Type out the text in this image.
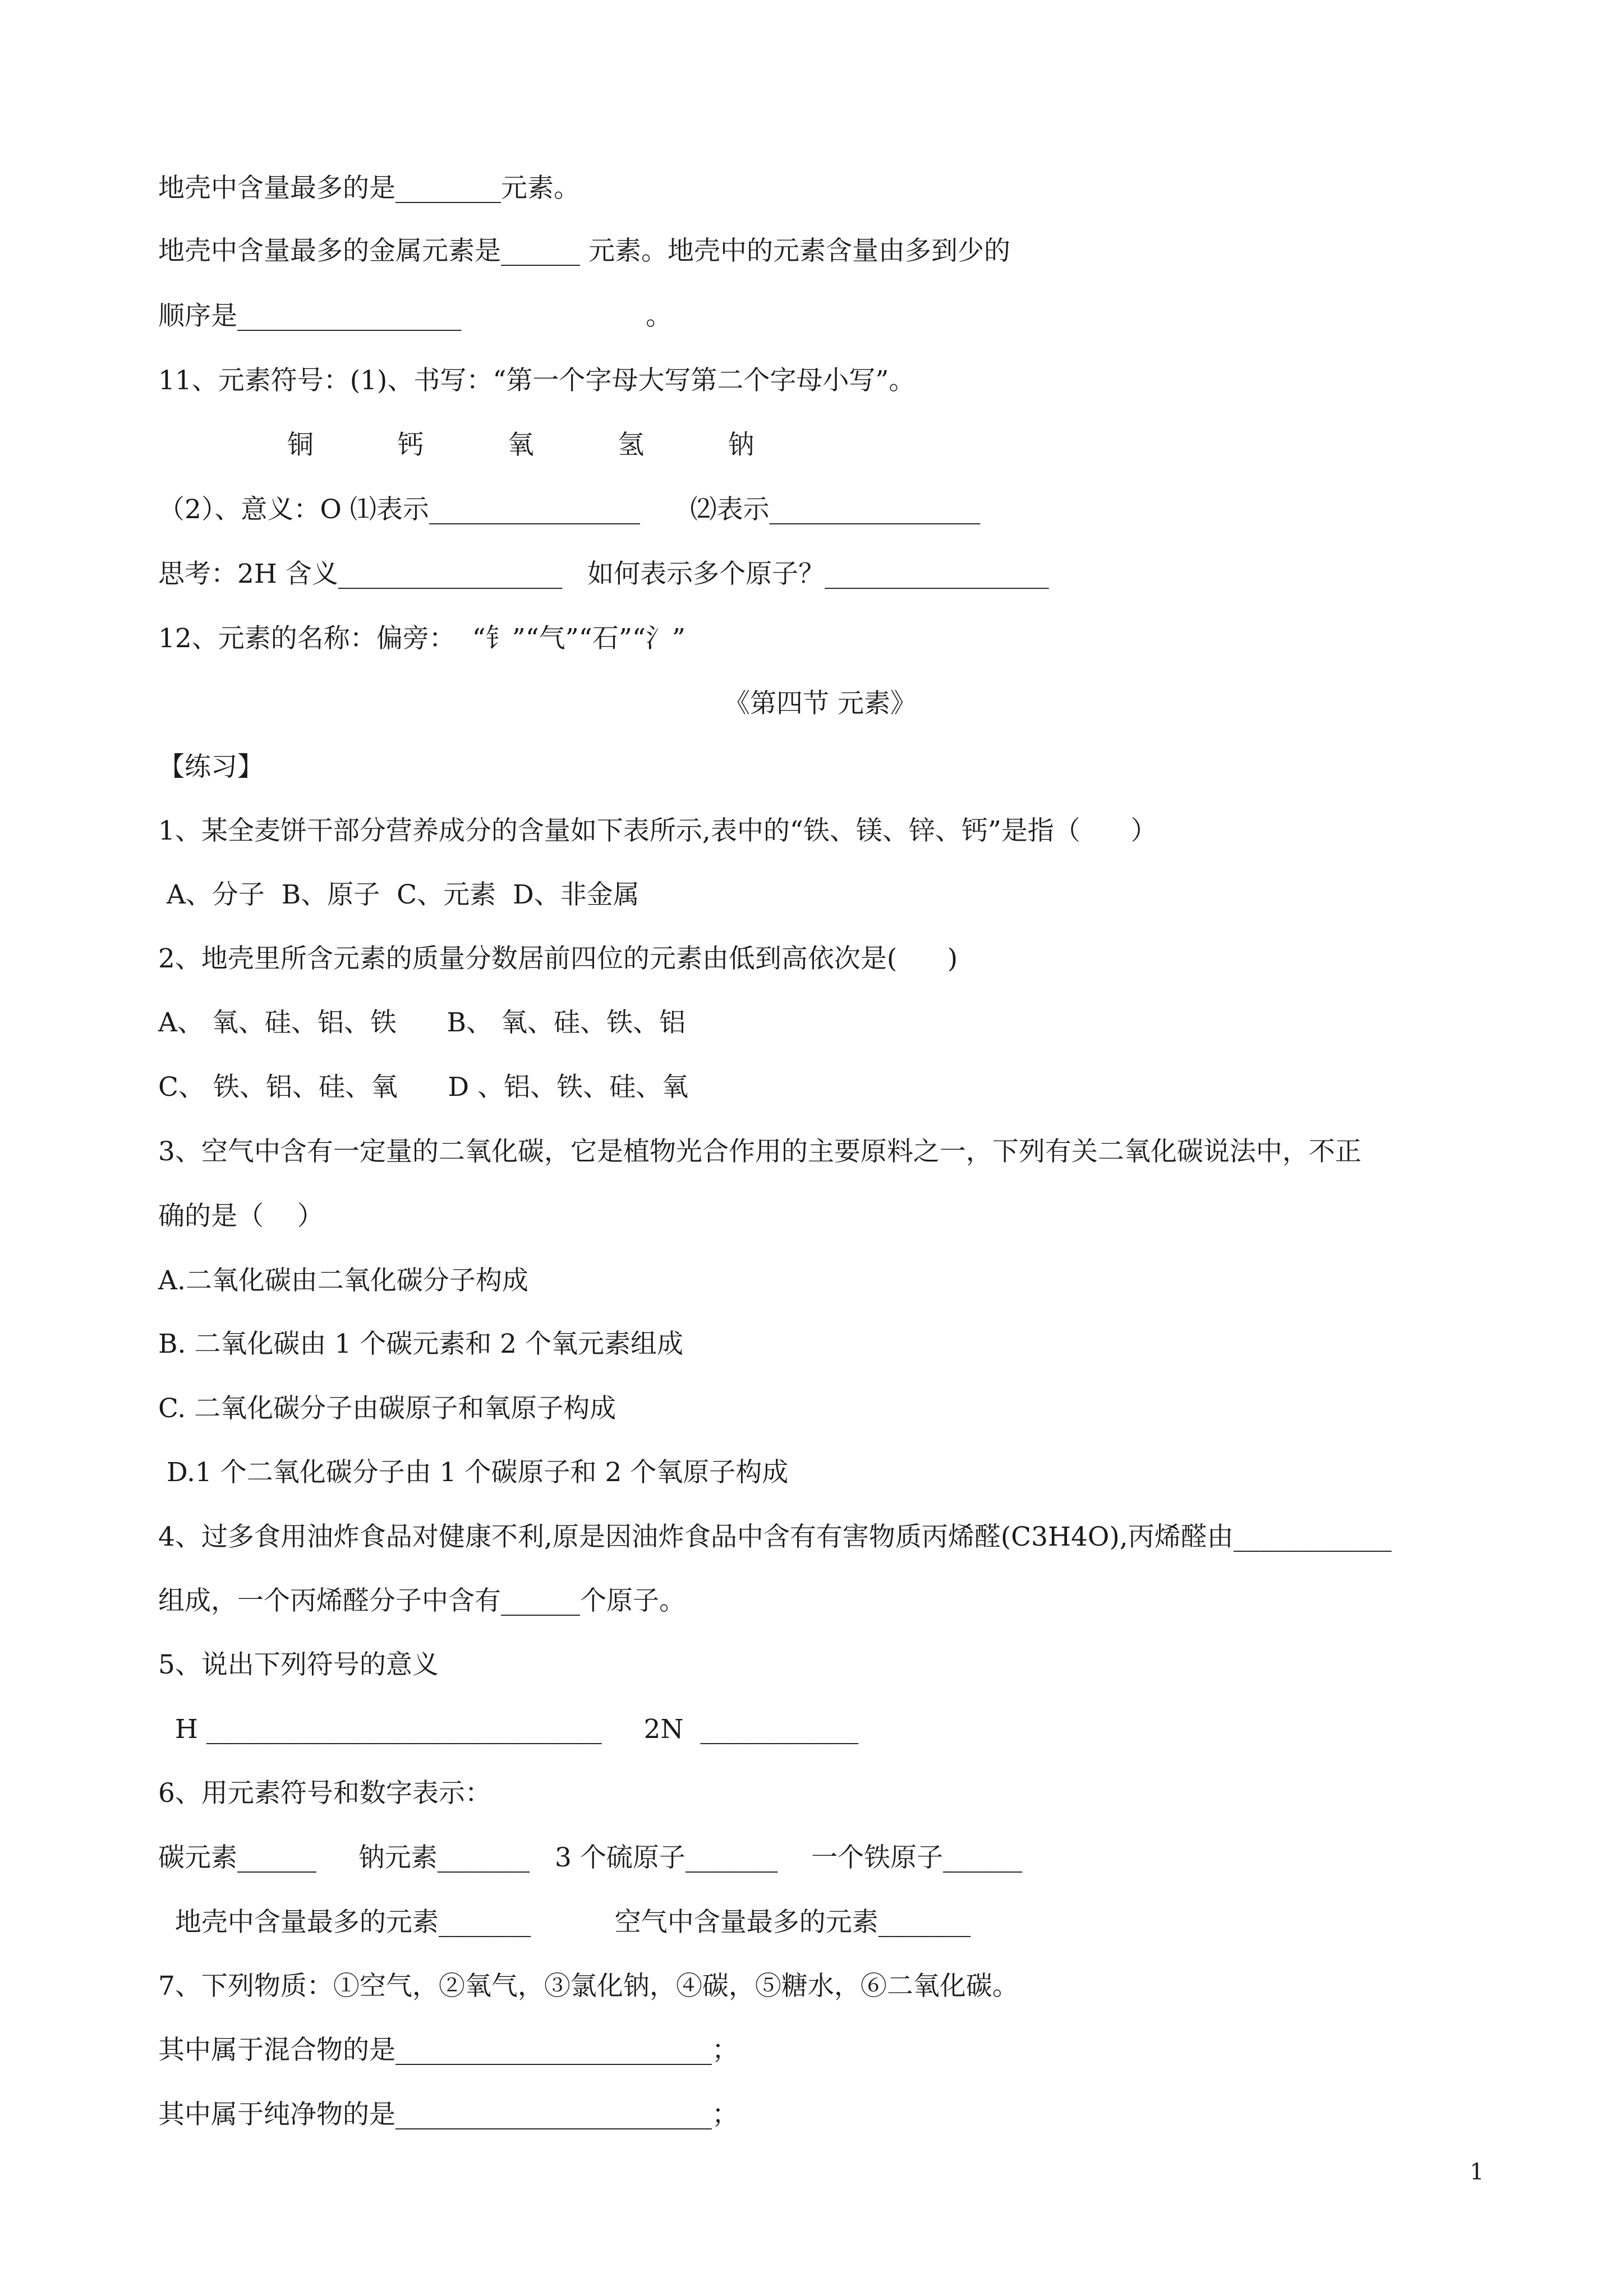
地壳中含量最多的是________元素。
地壳中含量最多的金属元素是______ 元素。地壳中的元素含量由多到少的
顺序是_________________                      。
11、元素符号：(1)、书写：“第一个字母大写第二个字母小写”。
铜          钙          氧          氢          钠
（2）、意义：O ⑴表示________________      ⑵表示________________
思考：2H 含义_________________   如何表示多个原子？_________________
12、元素的名称：偏旁：  “钅”“气”“石”“氵”
《第四节 元素》
【练习】
1、某全麦饼干部分营养成分的含量如下表所示,表中的“铁、镁、锌、钙”是指（      ）
A、分子  B、原子  C、元素  D、非金属
2、地壳里所含元素的质量分数居前四位的元素由低到高依次是(      )
A、 氧、硅、铝、铁      B、 氧、硅、铁、铝
C、 铁、铝、硅、氧      D 、铝、铁、硅、氧
3、空气中含有一定量的二氧化碳，它是植物光合作用的主要原料之一，下列有关二氧化碳说法中，不正
确的是（    ）
A.二氧化碳由二氧化碳分子构成
B. 二氧化碳由 1 个碳元素和 2 个氧元素组成
C. 二氧化碳分子由碳原子和氧原子构成
D.1 个二氧化碳分子由 1 个碳原子和 2 个氧原子构成
4、过多食用油炸食品对健康不利,原是因油炸食品中含有有害物质丙烯醛(C3H4O),丙烯醛由____________
组成，一个丙烯醛分子中含有______个原子。
5、说出下列符号的意义
H ______________________________     2N  ____________
6、用元素符号和数字表示：
碳元素______     钠元素_______   3 个硫原子_______    一个铁原子______
地壳中含量最多的元素_______          空气中含量最多的元素_______
7、下列物质：①空气，②氧气，③氯化钠，④碳，⑤糖水，⑥二氧化碳。
其中属于混合物的是________________________；
其中属于纯净物的是________________________；
1
